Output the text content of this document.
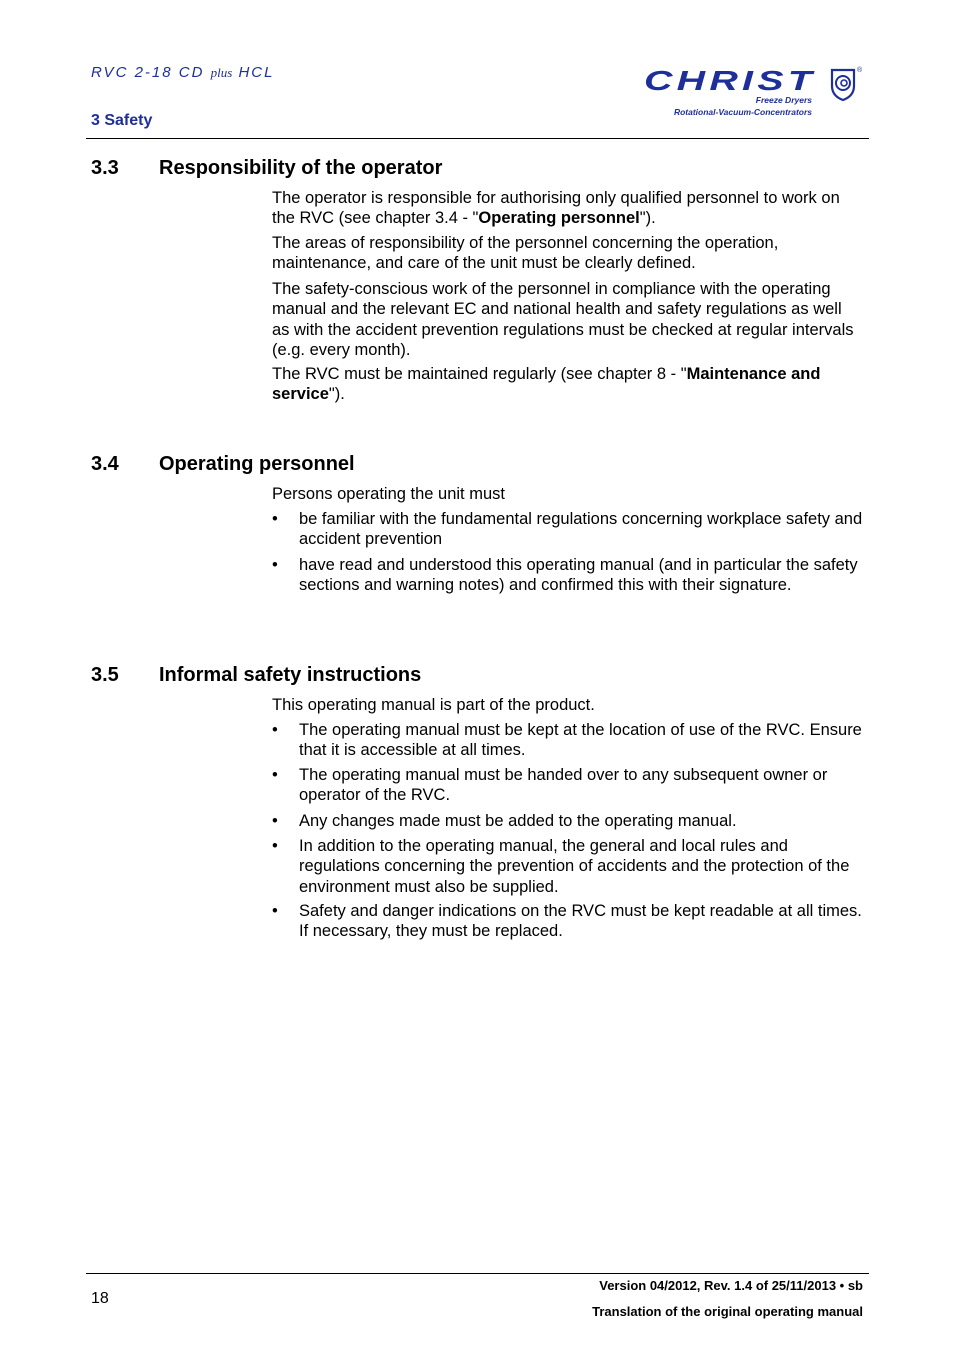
RVC 2-18 CD plus HCL
3 Safety
CHRIST	®
Freeze Dryers
Rotational-Vacuum-Concentrators
3.3 Responsibility of the operator

The operator is responsible for authorising only qualified personnel to work on the RVC (see chapter 3.4 - "Operating personnel").

The areas of responsibility of the personnel concerning the operation, maintenance, and care of the unit must be clearly defined.

The safety-conscious work of the personnel in compliance with the operating manual and the relevant EC and national health and safety regulations as well as with the accident prevention regulations must be checked at regular intervals (e.g. every month).

The RVC must be maintained regularly (see chapter 8 - "Maintenance and service").

3.4 Operating personnel

Persons operating the unit must

• be familiar with the fundamental regulations concerning workplace safety and accident prevention
• have read and understood this operating manual (and in particular the safety sections and warning notes) and confirmed this with their signature.
3.5 Informal safety instructions

This operating manual is part of the product.

• The operating manual must be kept at the location of use of the RVC. Ensure that it is accessible at all times.
• The operating manual must be handed over to any subsequent owner or operator of the RVC.
• Any changes made must be added to the operating manual.
• In addition to the operating manual, the general and local rules and regulations concerning the prevention of accidents and the protection of the environment must also be supplied.
• Safety and danger indications on the RVC must be kept readable at all times. If necessary, they must be replaced.
18
Version 04/2012, Rev. 1.4 of 25/11/2013 • sb
Translation of the original operating manual
